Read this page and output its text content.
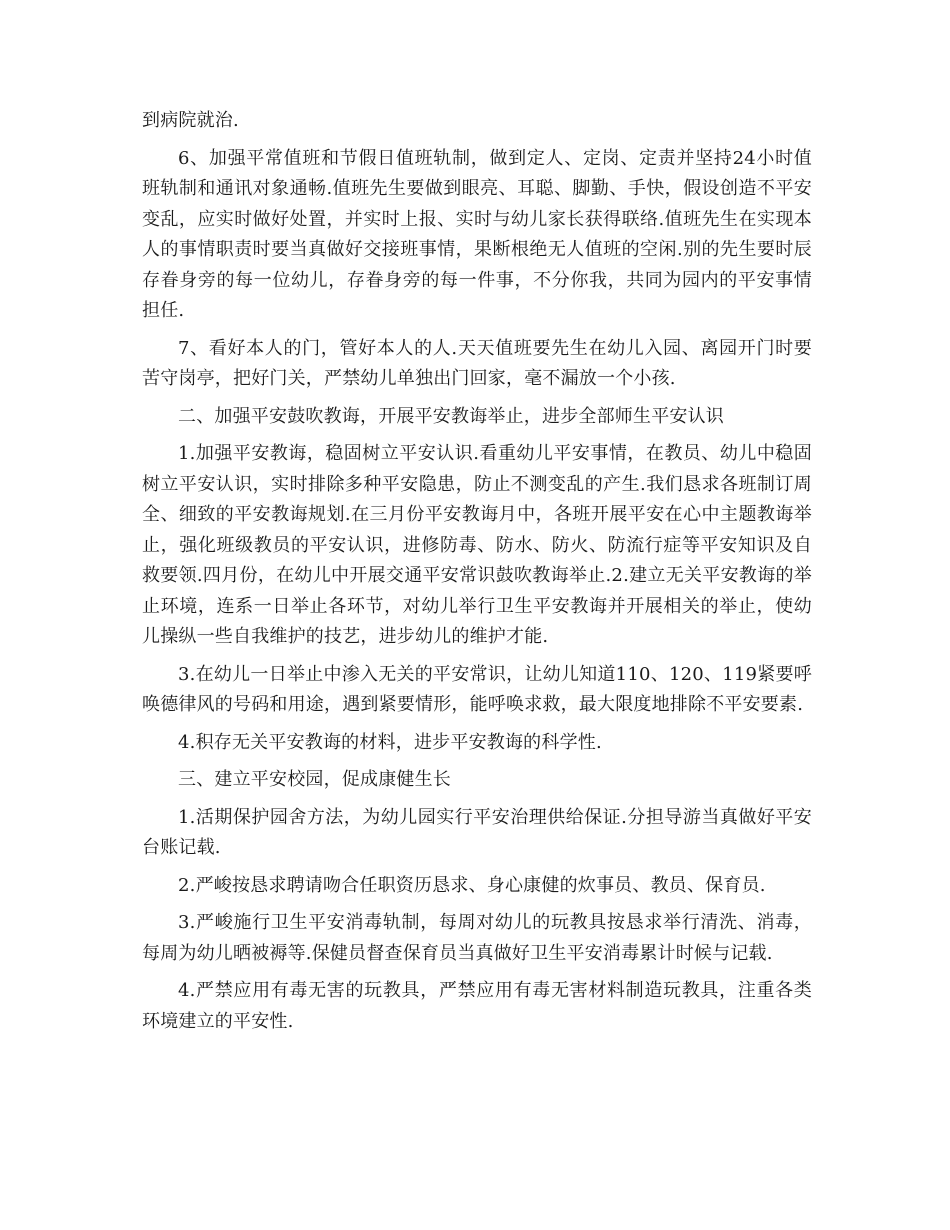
到病院就治.

6、加强平常值班和节假日值班轨制，做到定人、定岗、定责并坚持24小时值班轨制和通讯对象通畅.值班先生要做到眼亮、耳聪、脚勤、手快，假设创造不平安变乱，应实时做好处置，并实时上报、实时与幼儿家长获得联络.值班先生在实现本人的事情职责时要当真做好交接班事情，果断根绝无人值班的空闲.别的先生要时辰存眷身旁的每一位幼儿，存眷身旁的每一件事，不分你我，共同为园内的平安事情担任.

7、看好本人的门，管好本人的人.天天值班要先生在幼儿入园、离园开门时要苦守岗亭，把好门关，严禁幼儿单独出门回家，毫不漏放一个小孩.

二、加强平安鼓吹教诲，开展平安教诲举止，进步全部师生平安认识

1.加强平安教诲，稳固树立平安认识.看重幼儿平安事情，在教员、幼儿中稳固树立平安认识，实时排除多种平安隐患，防止不测变乱的产生.我们恳求各班制订周全、细致的平安教诲规划.在三月份平安教诲月中，各班开展平安在心中主题教诲举止，强化班级教员的平安认识，进修防毒、防水、防火、防流行症等平安知识及自救要领.四月份，在幼儿中开展交通平安常识鼓吹教诲举止.2.建立无关平安教诲的举止环境，连系一日举止各环节，对幼儿举行卫生平安教诲并开展相关的举止，使幼儿操纵一些自我维护的技艺，进步幼儿的维护才能.

3.在幼儿一日举止中渗入无关的平安常识，让幼儿知道110、120、119紧要呼唤德律风的号码和用途，遇到紧要情形，能呼唤求救，最大限度地排除不平安要素.

4.积存无关平安教诲的材料，进步平安教诲的科学性.

三、建立平安校园，促成康健生长

1.活期保护园舍方法，为幼儿园实行平安治理供给保证.分担导游当真做好平安台账记载.

2.严峻按恳求聘请吻合任职资历恳求、身心康健的炊事员、教员、保育员.

3.严峻施行卫生平安消毒轨制，每周对幼儿的玩教具按恳求举行清洗、消毒，每周为幼儿晒被褥等.保健员督查保育员当真做好卫生平安消毒累计时候与记载.

4.严禁应用有毒无害的玩教具，严禁应用有毒无害材料制造玩教具，注重各类环境建立的平安性.
